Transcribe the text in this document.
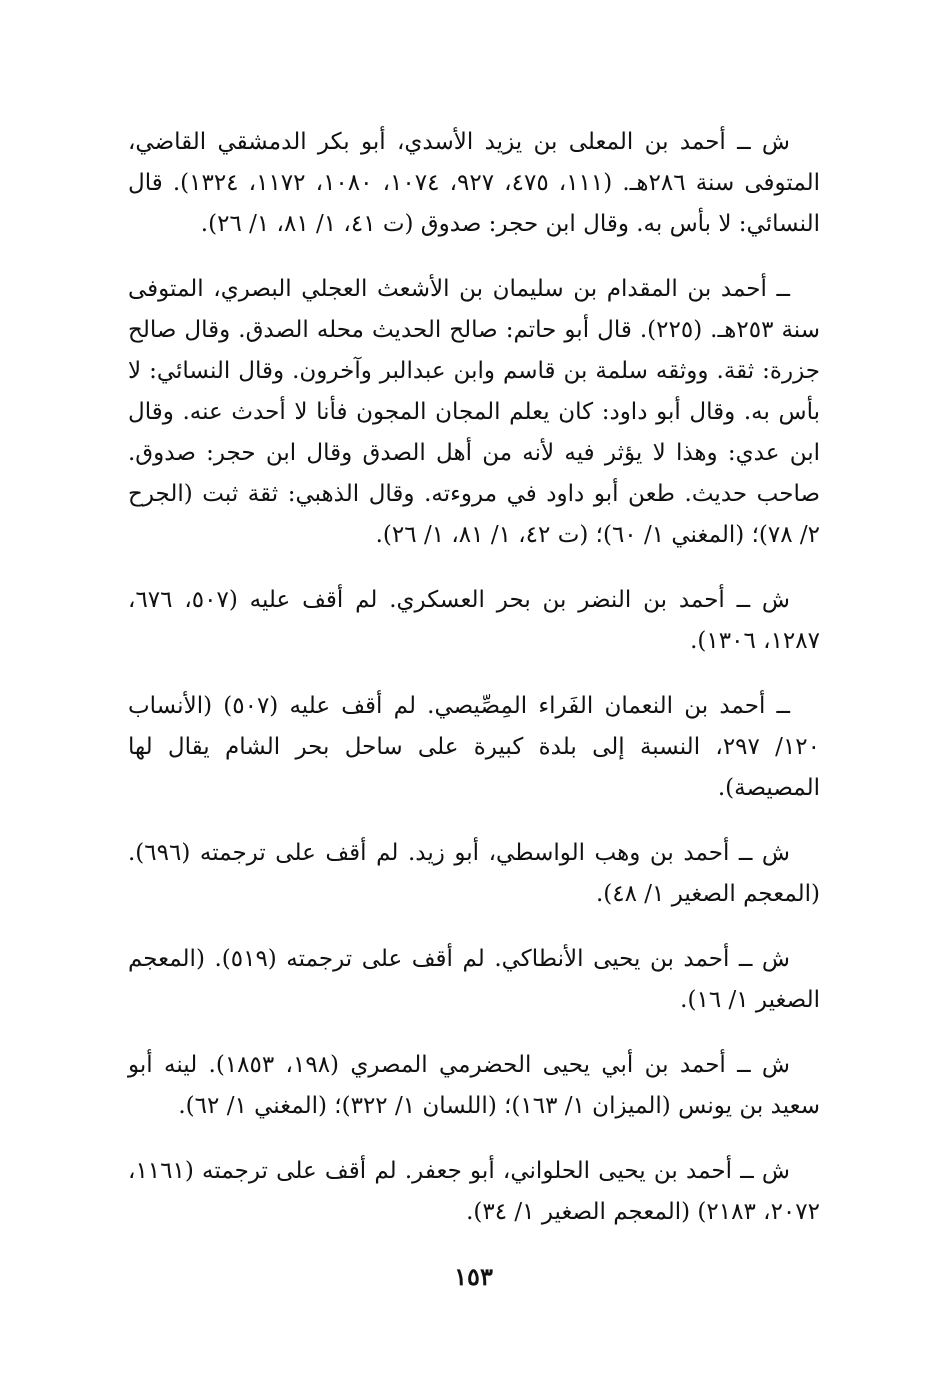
ش ــ أحمد بن المعلى بن يزيد الأسدي، أبو بكر الدمشقي القاضي، المتوفى سنة ٢٨٦هـ. (١١١، ٤٧٥، ٩٢٧، ١٠٧٤، ١٠٨٠، ١١٧٢، ١٣٢٤). قال النسائي: لا بأس به. وقال ابن حجر: صدوق (ت ٤١، ١/ ٨١، ١/ ٢٦).

ــ أحمد بن المقدام بن سليمان بن الأشعث العجلي البصري، المتوفى سنة ٢٥٣هـ. (٢٢٥). قال أبو حاتم: صالح الحديث محله الصدق. وقال صالح جزرة: ثقة. ووثقه سلمة بن قاسم وابن عبدالبر وآخرون. وقال النسائي: لا بأس به. وقال أبو داود: كان يعلم المجان المجون فأنا لا أحدث عنه. وقال ابن عدي: وهذا لا يؤثر فيه لأنه من أهل الصدق وقال ابن حجر: صدوق. صاحب حديث. طعن أبو داود في مروءته. وقال الذهبي: ثقة ثبت (الجرح ٢/ ٧٨)؛ (المغني ١/ ٦٠)؛ (ت ٤٢، ١/ ٨١، ١/ ٢٦).

ش ــ أحمد بن النضر بن بحر العسكري. لم أقف عليه (٥٠٧، ٦٧٦، ١٢٨٧، ١٣٠٦).

ــ أحمد بن النعمان الفَراء المِصِّيصي. لم أقف عليه (٥٠٧) (الأنساب ١٢٠/ ٢٩٧، النسبة إلى بلدة كبيرة على ساحل بحر الشام يقال لها المصيصة).

ش ــ أحمد بن وهب الواسطي، أبو زيد. لم أقف على ترجمته (٦٩٦). (المعجم الصغير ١/ ٤٨).

ش ــ أحمد بن يحيى الأنطاكي. لم أقف على ترجمته (٥١٩). (المعجم الصغير ١/ ١٦).

ش ــ أحمد بن أبي يحيى الحضرمي المصري (١٩٨، ١٨٥٣). لينه أبو سعيد بن يونس (الميزان ١/ ١٦٣)؛ (اللسان ١/ ٣٢٢)؛ (المغني ١/ ٦٢).

ش ــ أحمد بن يحيى الحلواني، أبو جعفر. لم أقف على ترجمته (١١٦١، ٢٠٧٢، ٢١٨٣) (المعجم الصغير ١/ ٣٤).

١٥٣
